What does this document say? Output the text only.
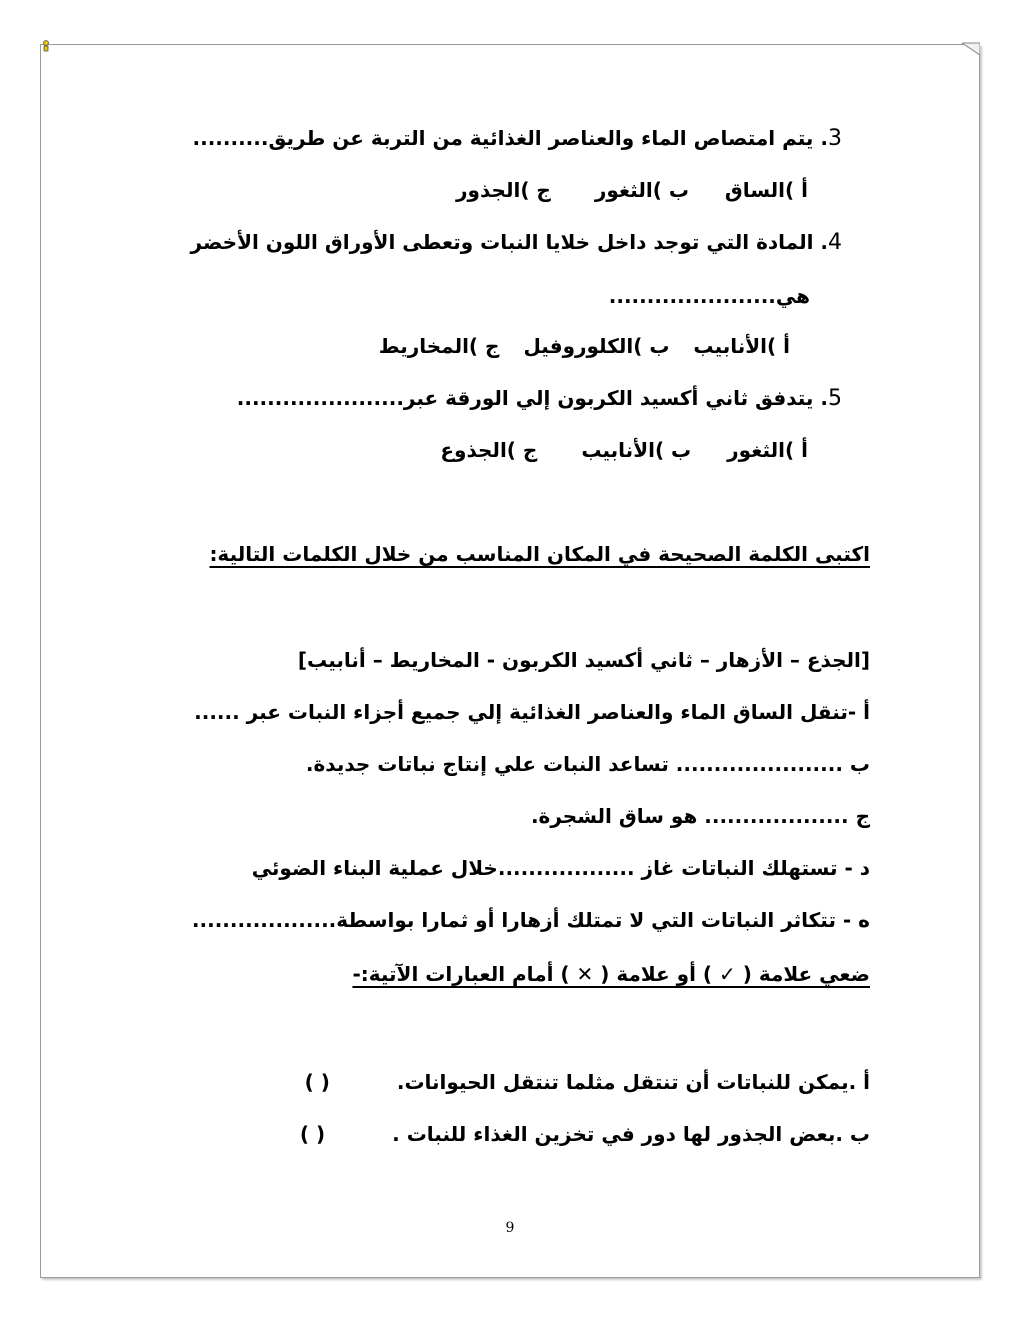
3. يتم امتصاص الماء والعناصر الغذائية من التربة عن طريق..........
أ )الساقب )الثغورج )الجذور
4. المادة التي توجد داخل خلايا النبات وتعطى الأوراق اللون الأخضر
هي......................
أ )الأنابيبب )الكلوروفيلج )المخاريط
5. يتدفق ثاني أكسيد الكربون إلي الورقة عبر......................
أ )الثغورب )الأنابيبج )الجذوع
اكتبى الكلمة الصحيحة في المكان المناسب من خلال الكلمات التالية:
[الجذع – الأزهار – ثاني أكسيد الكربون - المخاريط – أنابيب]
أ -تنقل الساق الماء والعناصر الغذائية إلي جميع أجزاء النبات عبر ......
ب ...................... تساعد النبات علي إنتاج نباتات جديدة.
ج ................... هو ساق الشجرة.
د - تستهلك النباتات غاز ..................خلال عملية البناء الضوئي
ه - تتكاثر النباتات التي لا تمتلك أزهارا أو ثمارا بواسطة...................
ضعي علامة ( ✓ ) أو علامة ( ✕ ) أمام العبارات الآتية:-
أ .يمكن للنباتات أن تنتقل مثلما تنتقل الحيوانات. ( )
ب .بعض الجذور لها دور في تخزين الغذاء للنبات . ( )
9
